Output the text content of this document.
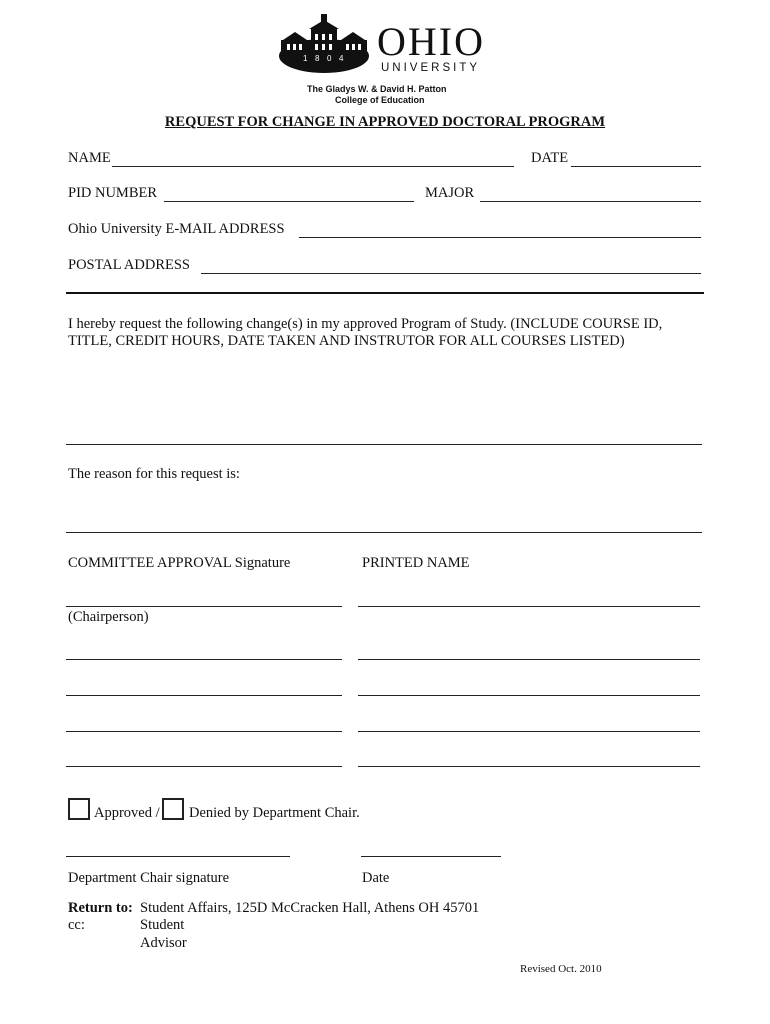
1 8 0 4 OHIO
UNIVERSITY
The Gladys W. & David H. Patton
College of Education
REQUEST FOR CHANGE IN APPROVED DOCTORAL PROGRAM
NAME	DATE
PID NUMBER	MAJOR
Ohio University E-MAIL ADDRESS
POSTAL ADDRESS
I hereby request the following change(s) in my approved Program of Study. (INCLUDE COURSE ID,
TITLE, CREDIT HOURS, DATE TAKEN AND INSTRUTOR FOR ALL COURSES LISTED)
The reason for this request is:
COMMITTEE APPROVAL Signature	PRINTED NAME
(Chairperson)
Approved / Denied by Department Chair.
Department Chair signature	Date
Return to: Student Affairs, 125D McCracken Hall, Athens OH 45701
cc:	Student
Advisor
Revised Oct. 2010
